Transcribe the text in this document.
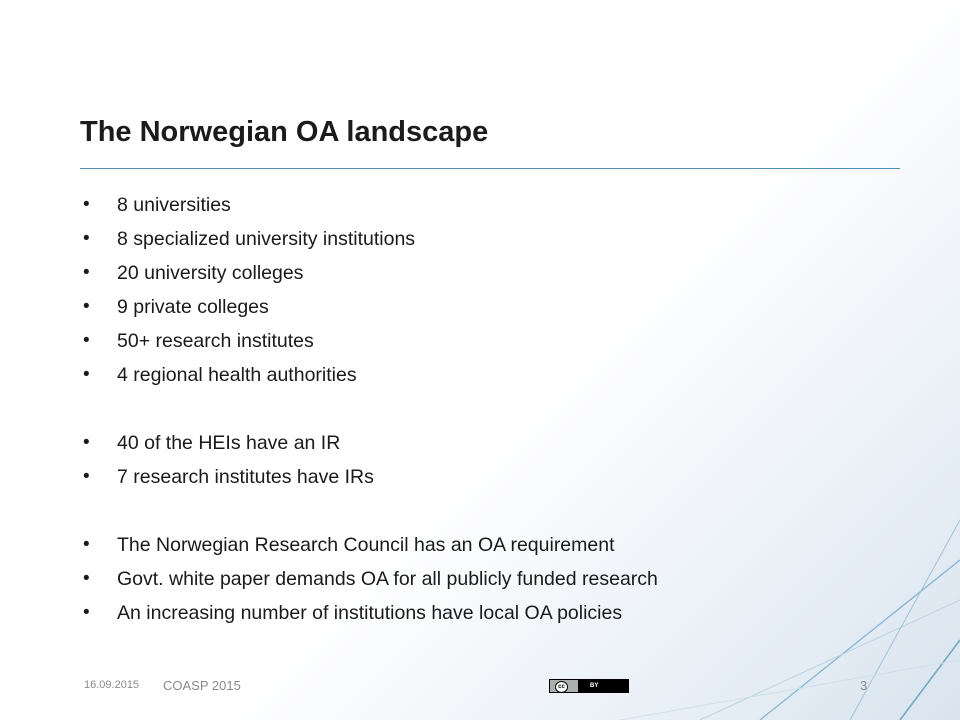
The Norwegian OA landscape
• 8 universities
• 8 specialized university institutions
• 20 university colleges
• 9 private colleges
• 50+ research institutes
• 4 regional health authorities
• 40 of the HEIs have an IR
• 7 research institutes have IRs
• The Norwegian Research Council has an OA requirement
• Govt. white paper demands OA for all publicly funded research
• An increasing number of institutions have local OA policies
16.09.2015 COASP 2015	cc	BY	3
